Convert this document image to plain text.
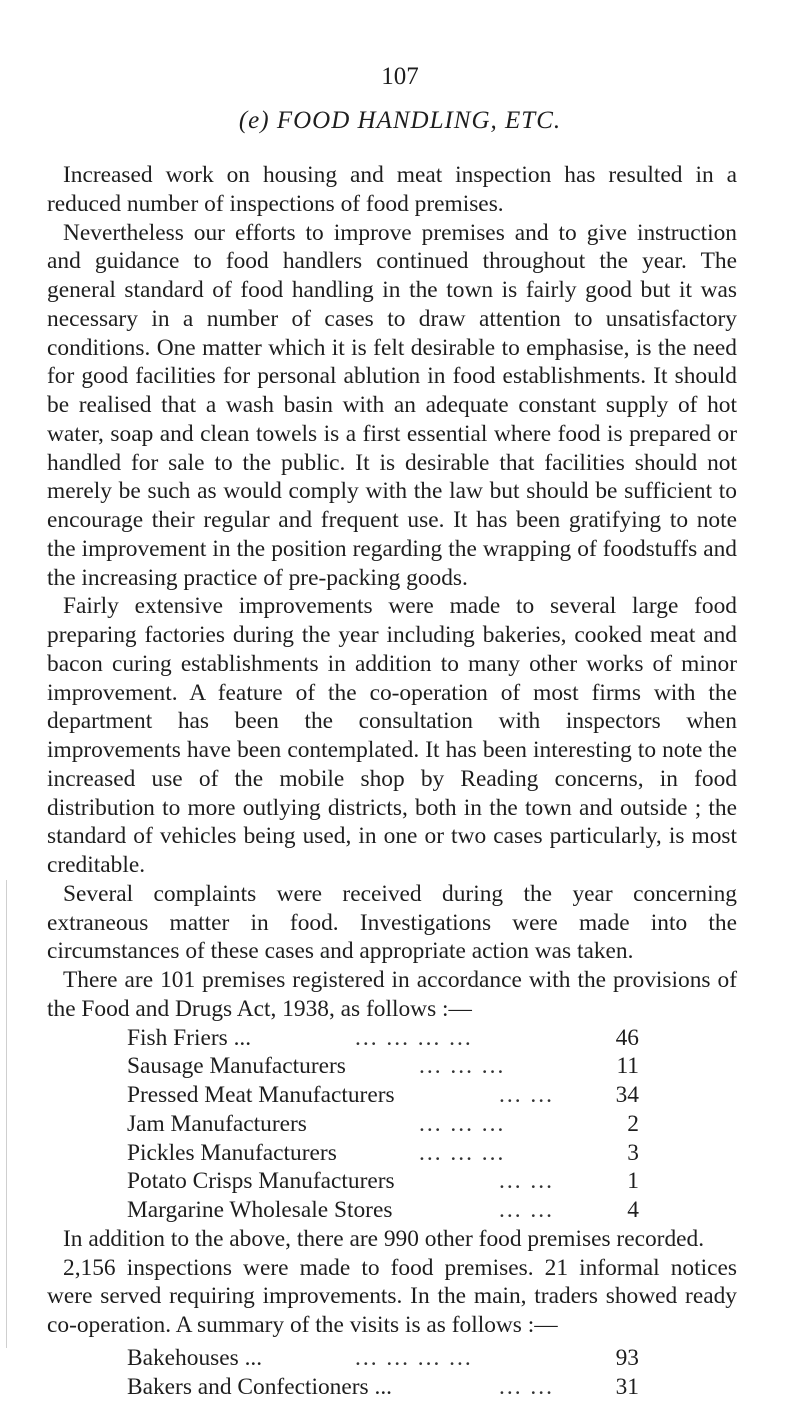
107
(e) FOOD HANDLING, ETC.

Increased work on housing and meat inspection has resulted in a reduced number of inspections of food premises.

Nevertheless our efforts to improve premises and to give instruction and guidance to food handlers continued throughout the year. The general standard of food handling in the town is fairly good but it was necessary in a number of cases to draw attention to unsatisfactory conditions. One matter which it is felt desirable to emphasise, is the need for good facilities for personal ablution in food establishments. It should be realised that a wash basin with an adequate constant supply of hot water, soap and clean towels is a first essential where food is prepared or handled for sale to the public. It is desirable that facilities should not merely be such as would comply with the law but should be sufficient to encourage their regular and frequent use. It has been gratifying to note the improvement in the position regarding the wrapping of foodstuffs and the increasing practice of pre-packing goods.

Fairly extensive improvements were made to several large food preparing factories during the year including bakeries, cooked meat and bacon curing establishments in addition to many other works of minor improvement. A feature of the co-operation of most firms with the department has been the consultation with inspectors when improvements have been contemplated. It has been interesting to note the increased use of the mobile shop by Reading concerns, in food distribution to more outlying districts, both in the town and outside ; the standard of vehicles being used, in one or two cases particularly, is most creditable.

Several complaints were received during the year concerning extraneous matter in food. Investigations were made into the circumstances of these cases and appropriate action was taken.

There are 101 premises registered in accordance with the provisions of the Food and Drugs Act, 1938, as follows :—

Fish Friers ...	... ... ... ...	46
Sausage Manufacturers	... ... ...	11
Pressed Meat Manufacturers	... ...	34
Jam Manufacturers	... ... ...	2
Pickles Manufacturers	... ... ...	3
Potato Crisps Manufacturers	... ...	1
Margarine Wholesale Stores	... ...	4

In addition to the above, there are 990 other food premises recorded.

2,156 inspections were made to food premises. 21 informal notices were served requiring improvements. In the main, traders showed ready co-operation. A summary of the visits is as follows :—

Bakehouses ...	... ... ... ...	93
Bakers and Confectioners ...	... ...	31
